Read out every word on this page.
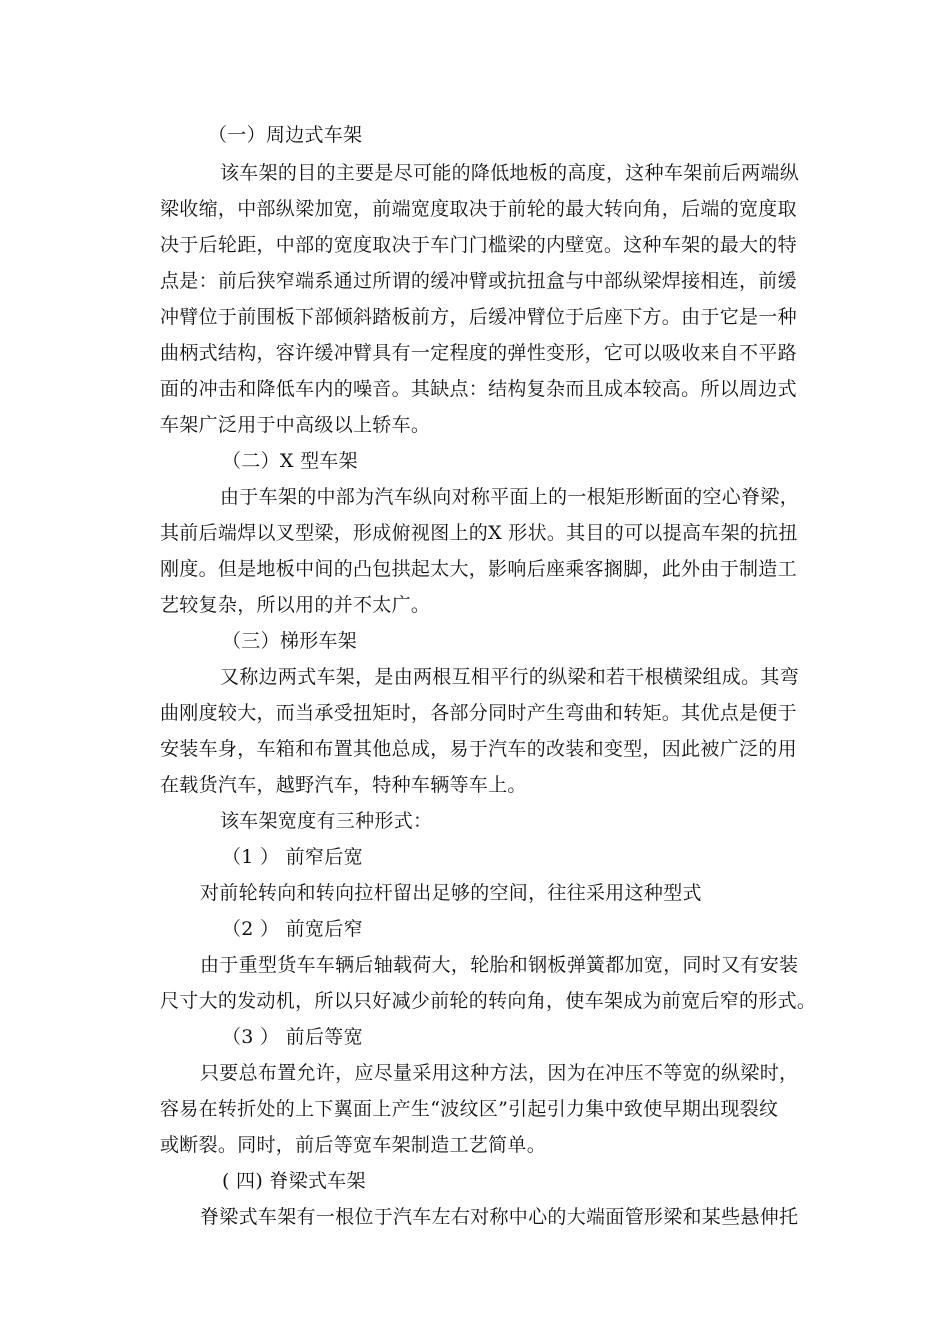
（一）周边式车架
该车架的目的主要是尽可能的降低地板的高度，这种车架前后两端纵
梁收缩，中部纵梁加宽，前端宽度取决于前轮的最大转向角，后端的宽度取
决于后轮距，中部的宽度取决于车门门槛梁的内壁宽。这种车架的最大的特
点是：前后狭窄端系通过所谓的缓冲臂或抗扭盒与中部纵梁焊接相连，前缓
冲臂位于前围板下部倾斜踏板前方，后缓冲臂位于后座下方。由于它是一种
曲柄式结构，容许缓冲臂具有一定程度的弹性变形，它可以吸收来自不平路
面的冲击和降低车内的噪音。其缺点：结构复杂而且成本较高。所以周边式
车架广泛用于中高级以上轿车。
（二）X 型车架
由于车架的中部为汽车纵向对称平面上的一根矩形断面的空心脊梁，
其前后端焊以叉型梁，形成俯视图上的X 形状。其目的可以提高车架的抗扭
刚度。但是地板中间的凸包拱起太大，影响后座乘客搁脚，此外由于制造工
艺较复杂，所以用的并不太广。
（三）梯形车架
又称边两式车架，是由两根互相平行的纵梁和若干根横梁组成。其弯
曲刚度较大，而当承受扭矩时，各部分同时产生弯曲和转矩。其优点是便于
安装车身，车箱和布置其他总成，易于汽车的改装和变型，因此被广泛的用
在载货汽车，越野汽车，特种车辆等车上。
该车架宽度有三种形式：
（1 ） 前窄后宽
对前轮转向和转向拉杆留出足够的空间，往往采用这种型式
（2 ） 前宽后窄
由于重型货车车辆后轴载荷大，轮胎和钢板弹簧都加宽，同时又有安装
尺寸大的发动机，所以只好减少前轮的转向角，使车架成为前宽后窄的形式。
（3 ） 前后等宽
只要总布置允许，应尽量采用这种方法，因为在冲压不等宽的纵梁时，
容易在转折处的上下翼面上产生“波纹区”引起引力集中致使早期出现裂纹
或断裂。同时，前后等宽车架制造工艺简单。
( 四) 脊梁式车架
脊梁式车架有一根位于汽车左右对称中心的大端面管形梁和某些悬伸托
